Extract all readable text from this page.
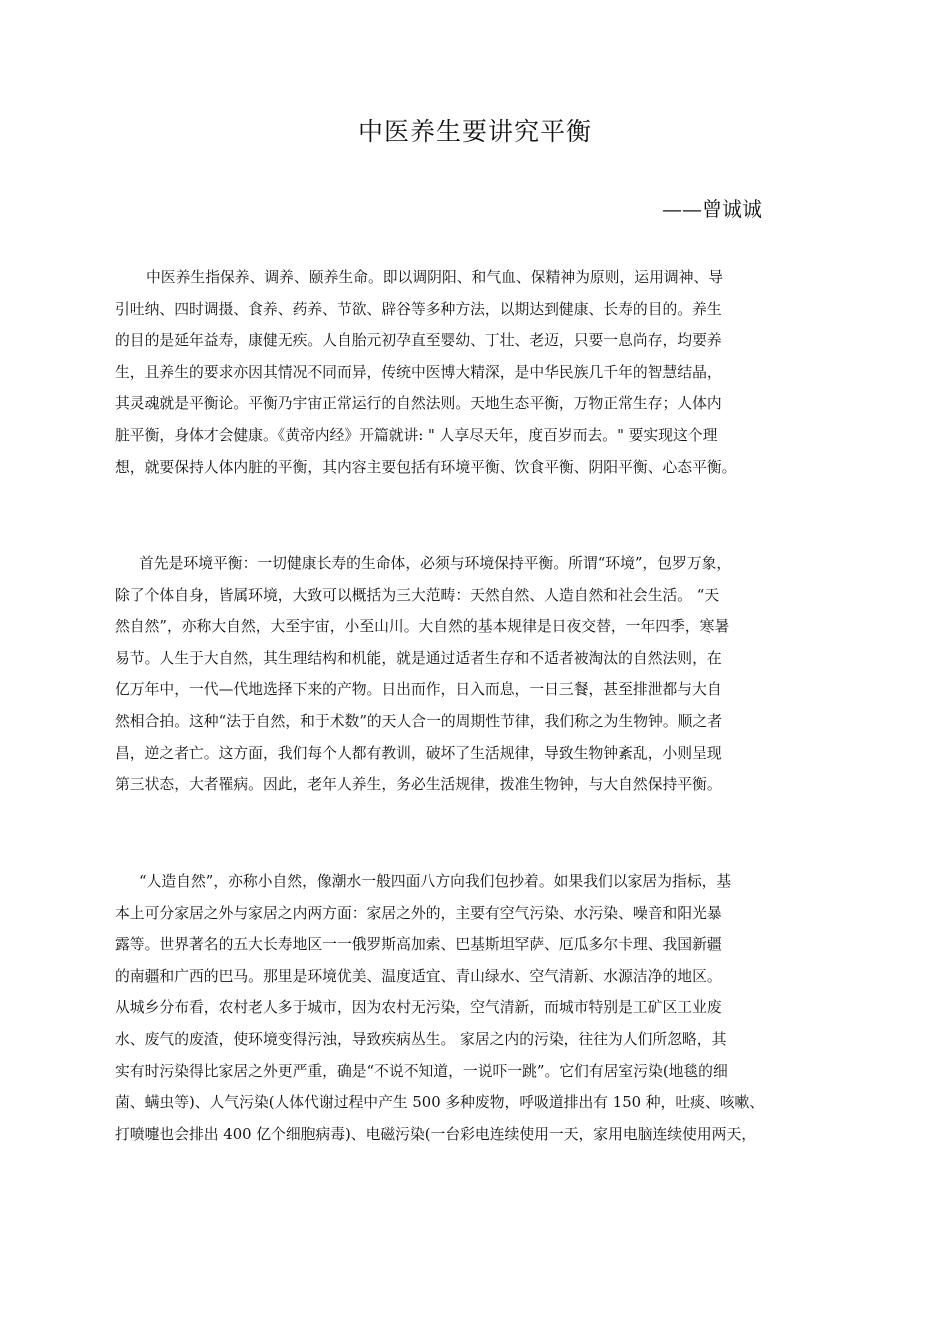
中医养生要讲究平衡
——曾诚诚
中医养生指保养、调养、颐养生命。即以调阴阳、和气血、保精神为原则，运用调神、导
引吐纳、四时调摄、食养、药养、节欲、辟谷等多种方法，以期达到健康、长寿的目的。养生
的目的是延年益寿，康健无疾。人自胎元初孕直至婴幼、丁壮、老迈，只要一息尚存，均要养
生，且养生的要求亦因其情况不同而异，传统中医博大精深，是中华民族几千年的智慧结晶，
其灵魂就是平衡论。平衡乃宇宙正常运行的自然法则。天地生态平衡，万物正常生存；人体内
脏平衡，身体才会健康。《黄帝内经》开篇就讲: " 人享尽天年，度百岁而去。" 要实现这个理
想，就要保持人体内脏的平衡，其内容主要包括有环境平衡、饮食平衡、阴阳平衡、心态平衡。
首先是环境平衡：一切健康长寿的生命体，必须与环境保持平衡。所谓“环境”，包罗万象，
除了个体自身，皆属环境，大致可以概括为三大范畴：天然自然、人造自然和社会生活。 “天
然自然”，亦称大自然，大至宇宙，小至山川。大自然的基本规律是日夜交替，一年四季，寒暑
易节。人生于大自然，其生理结构和机能，就是通过适者生存和不适者被淘汰的自然法则，在
亿万年中，一代—代地选择下来的产物。日出而作，日入而息，一日三餐，甚至排泄都与大自
然相合拍。这种“法于自然，和于术数”的天人合一的周期性节律，我们称之为生物钟。顺之者
昌，逆之者亡。这方面，我们每个人都有教训，破坏了生活规律，导致生物钟紊乱，小则呈现
第三状态，大者罹病。因此，老年人养生，务必生活规律，拨准生物钟，与大自然保持平衡。
“人造自然”，亦称小自然，像潮水一般四面八方向我们包抄着。如果我们以家居为指标，基
本上可分家居之外与家居之内两方面：家居之外的，主要有空气污染、水污染、噪音和阳光暴
露等。世界著名的五大长寿地区一一俄罗斯高加索、巴基斯坦罕萨、厄瓜多尔卡理、我国新疆
的南疆和广西的巴马。那里是环境优美、温度适宜、青山绿水、空气清新、水源洁净的地区。
从城乡分布看，农村老人多于城市，因为农村无污染，空气清新，而城市特别是工矿区工业废
水、废气的废渣，使环境变得污浊，导致疾病丛生。 家居之内的污染，往往为人们所忽略，其
实有时污染得比家居之外更严重，确是“不说不知道，一说吓一跳”。它们有居室污染(地毯的细
菌、螨虫等)、人气污染(人体代谢过程中产生 500 多种废物，呼吸道排出有 150 种，吐痰、咳嗽、
打喷嚏也会排出 400 亿个细胞病毒)、电磁污染(一台彩电连续使用一天，家用电脑连续使用两天，
